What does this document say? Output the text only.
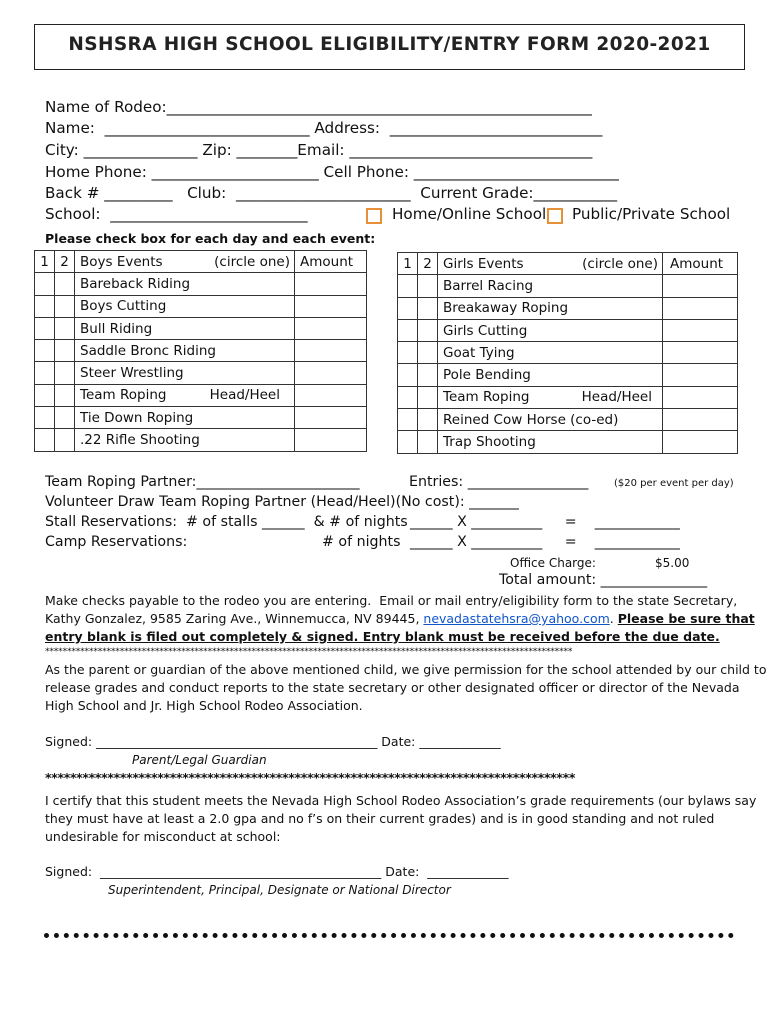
NSHSRA HIGH SCHOOL ELIGIBILITY/ENTRY FORM 2020-2021
Name of Rodeo:________________________________________________________
Name:  ___________________________ Address:  ____________________________
City: _______________ Zip: ________Email: ________________________________
Home Phone: ______________________ Cell Phone: ___________________________
Back # _________   Club:  _______________________  Current Grade:___________
School:  __________________________	Home/Online School Public/Private School
Please check box for each day and each event:
1	2	Boys Events (circle one)	Amount
		Bareback Riding

		Boys Cutting

		Bull Riding

		Saddle Bronc Riding

		Steer Wrestling

		Team Roping Head/Heel	

		Tie Down Roping

		.22 Rifle Shooting

1	2	Girls Events (circle one)	Amount
		Barrel Racing

		Breakaway Roping

		Girls Cutting

		Goat Tying

		Pole Bending

		Team Roping Head/Heel	

		Reined Cow Horse (co-ed)

		Trap Shooting

Team Roping Partner:_______________________	Entries: _________________	($20 per event per day)
Volunteer Draw Team Roping Partner (Head/Heel)(No cost): _______
Stall Reservations:  # of stalls ______  & # of nights ______ X __________     =    ____________
Camp Reservations:	# of nights ______ X __________     =    ____________
Office Charge:	$5.00
Total amount: _______________
Make checks payable to the rodeo you are entering.  Email or mail entry/eligibility form to the state Secretary,
Kathy Gonzalez, 9585 Zaring Ave., Winnemucca, NV 89445, nevadastatehsra@yahoo.com. Please be sure that
entry blank is filed out completely & signed. Entry blank must be received before the due date.
************************************************************************************************************************
As the parent or guardian of the above mentioned child, we give permission for the school attended by our child to
release grades and conduct reports to the state secretary or other designated officer or director of the Nevada
High School and Jr. High School Rodeo Association.
Signed: _____________________________________________ Date: _____________
Parent/Legal Guardian
*************************************************************************************
I certify that this student meets the Nevada High School Rodeo Association’s grade requirements (our bylaws say
they must have at least a 2.0 gpa and no f’s on their current grades) and is in good standing and not ruled
undesirable for misconduct at school:
Signed:  _____________________________________________ Date:  _____________
Superintendent, Principal, Designate or National Director
